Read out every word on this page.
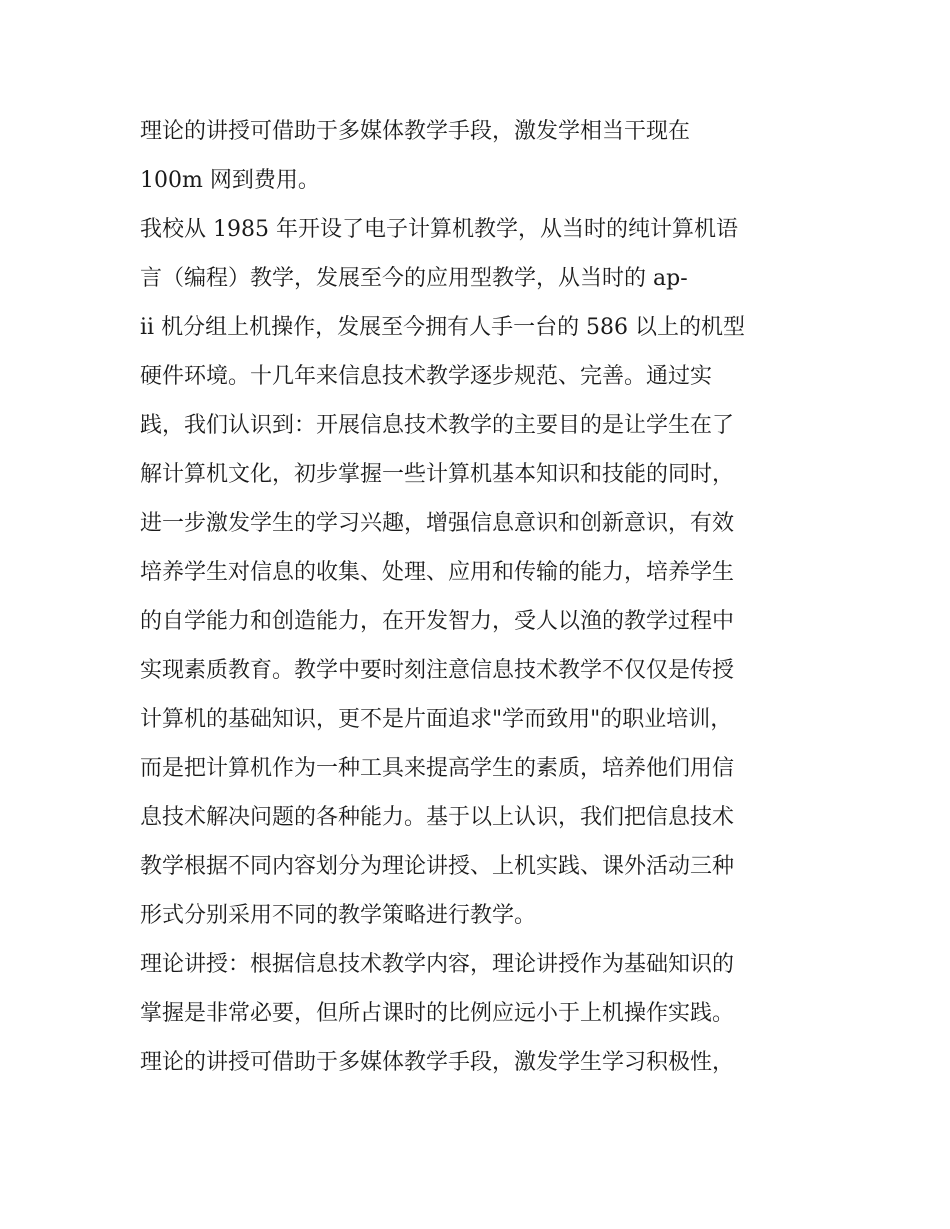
理论的讲授可借助于多媒体教学手段，激发学相当干现在
100m 网到费用。
我校从 1985 年开设了电子计算机教学，从当时的纯计算机语
言（编程）教学，发展至今的应用型教学，从当时的 ap-
ii 机分组上机操作，发展至今拥有人手一台的 586 以上的机型
硬件环境。十几年来信息技术教学逐步规范、完善。通过实
践，我们认识到：开展信息技术教学的主要目的是让学生在了
解计算机文化，初步掌握一些计算机基本知识和技能的同时，
进一步激发学生的学习兴趣，增强信息意识和创新意识，有效
培养学生对信息的收集、处理、应用和传输的能力，培养学生
的自学能力和创造能力，在开发智力，受人以渔的教学过程中
实现素质教育。教学中要时刻注意信息技术教学不仅仅是传授
计算机的基础知识，更不是片面追求"学而致用"的职业培训，
而是把计算机作为一种工具来提高学生的素质，培养他们用信
息技术解决问题的各种能力。基于以上认识，我们把信息技术
教学根据不同内容划分为理论讲授、上机实践、课外活动三种
形式分别采用不同的教学策略进行教学。
理论讲授：根据信息技术教学内容，理论讲授作为基础知识的
掌握是非常必要，但所占课时的比例应远小于上机操作实践。
理论的讲授可借助于多媒体教学手段，激发学生学习积极性，
